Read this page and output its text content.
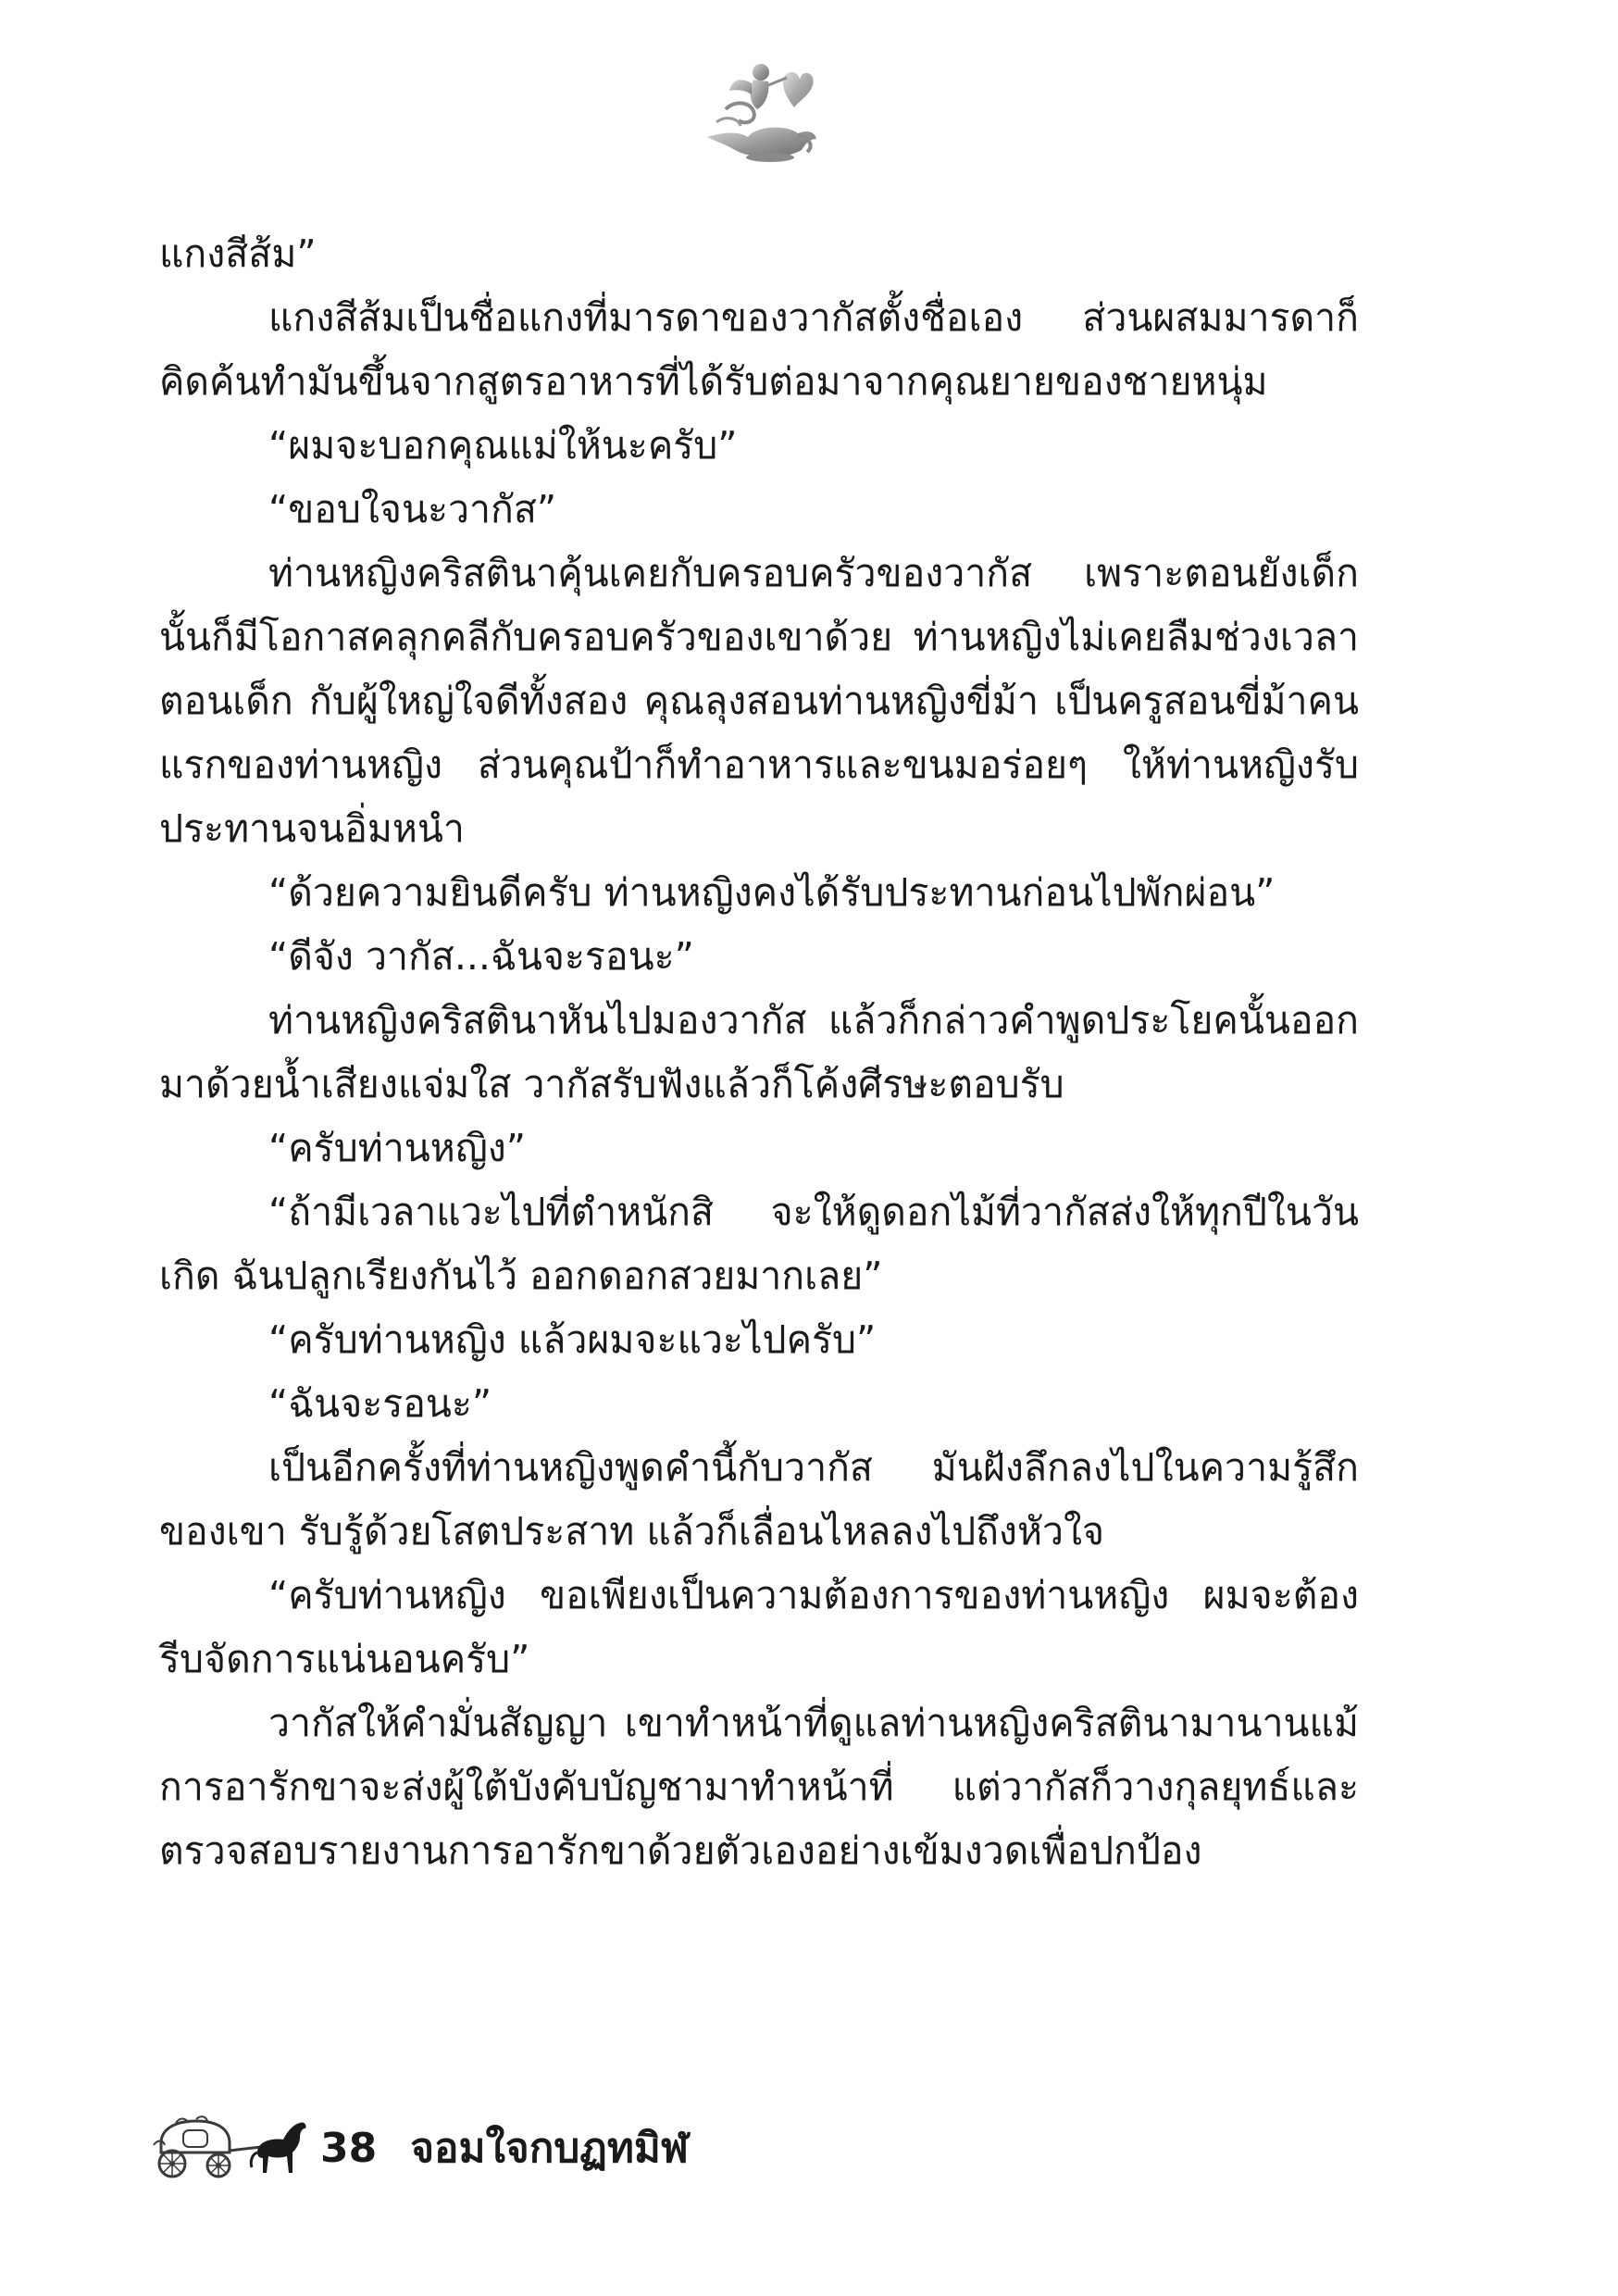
แกงสีส้ม”

แกงสีส้มเป็นชื่อแกงที่มารดาของวากัสตั้งชื่อเอง ส่วนผสมมารดาก็คิดค้นทำมันขึ้นจากสูตรอาหารที่ได้รับต่อมาจากคุณยายของชายหนุ่ม

“ผมจะบอกคุณแม่ให้นะครับ”

“ขอบใจนะวากัส”

ท่านหญิงคริสตินาคุ้นเคยกับครอบครัวของวากัส เพราะตอนยังเด็กนั้นก็มีโอกาสคลุกคลีกับครอบครัวของเขาด้วย ท่านหญิงไม่เคยลืมช่วงเวลาตอนเด็ก กับผู้ใหญ่ใจดีทั้งสอง คุณลุงสอนท่านหญิงขี่ม้า เป็นครูสอนขี่ม้าคนแรกของท่านหญิง ส่วนคุณป้าก็ทำอาหารและขนมอร่อยๆ ให้ท่านหญิงรับประทานจนอิ่มหนำ

“ด้วยความยินดีครับ ท่านหญิงคงได้รับประทานก่อนไปพักผ่อน”

“ดีจัง วากัส...ฉันจะรอนะ”

ท่านหญิงคริสตินาหันไปมองวากัส แล้วก็กล่าวคำพูดประโยคนั้นออกมาด้วยน้ำเสียงแจ่มใส วากัสรับฟังแล้วก็โค้งศีรษะตอบรับ

“ครับท่านหญิง”

“ถ้ามีเวลาแวะไปที่ตำหนักสิ จะให้ดูดอกไม้ที่วากัสส่งให้ทุกปีในวันเกิด ฉันปลูกเรียงกันไว้ ออกดอกสวยมากเลย”

“ครับท่านหญิง แล้วผมจะแวะไปครับ”

“ฉันจะรอนะ”

เป็นอีกครั้งที่ท่านหญิงพูดคำนี้กับวากัส มันฝังลึกลงไปในความรู้สึกของเขา รับรู้ด้วยโสตประสาท แล้วก็เลื่อนไหลลงไปถึงหัวใจ

“ครับท่านหญิง ขอเพียงเป็นความต้องการของท่านหญิง ผมจะต้องรีบจัดการแน่นอนครับ”

วากัสให้คำมั่นสัญญา เขาทำหน้าที่ดูแลท่านหญิงคริสตินามานานแม้การอารักขาจะส่งผู้ใต้บังคับบัญชามาทำหน้าที่ แต่วากัสก็วางกุลยุทธ์และตรวจสอบรายงานการอารักขาด้วยตัวเองอย่างเข้มงวดเพื่อปกป้อง

38 จอมใจกบฏทมิฬ
